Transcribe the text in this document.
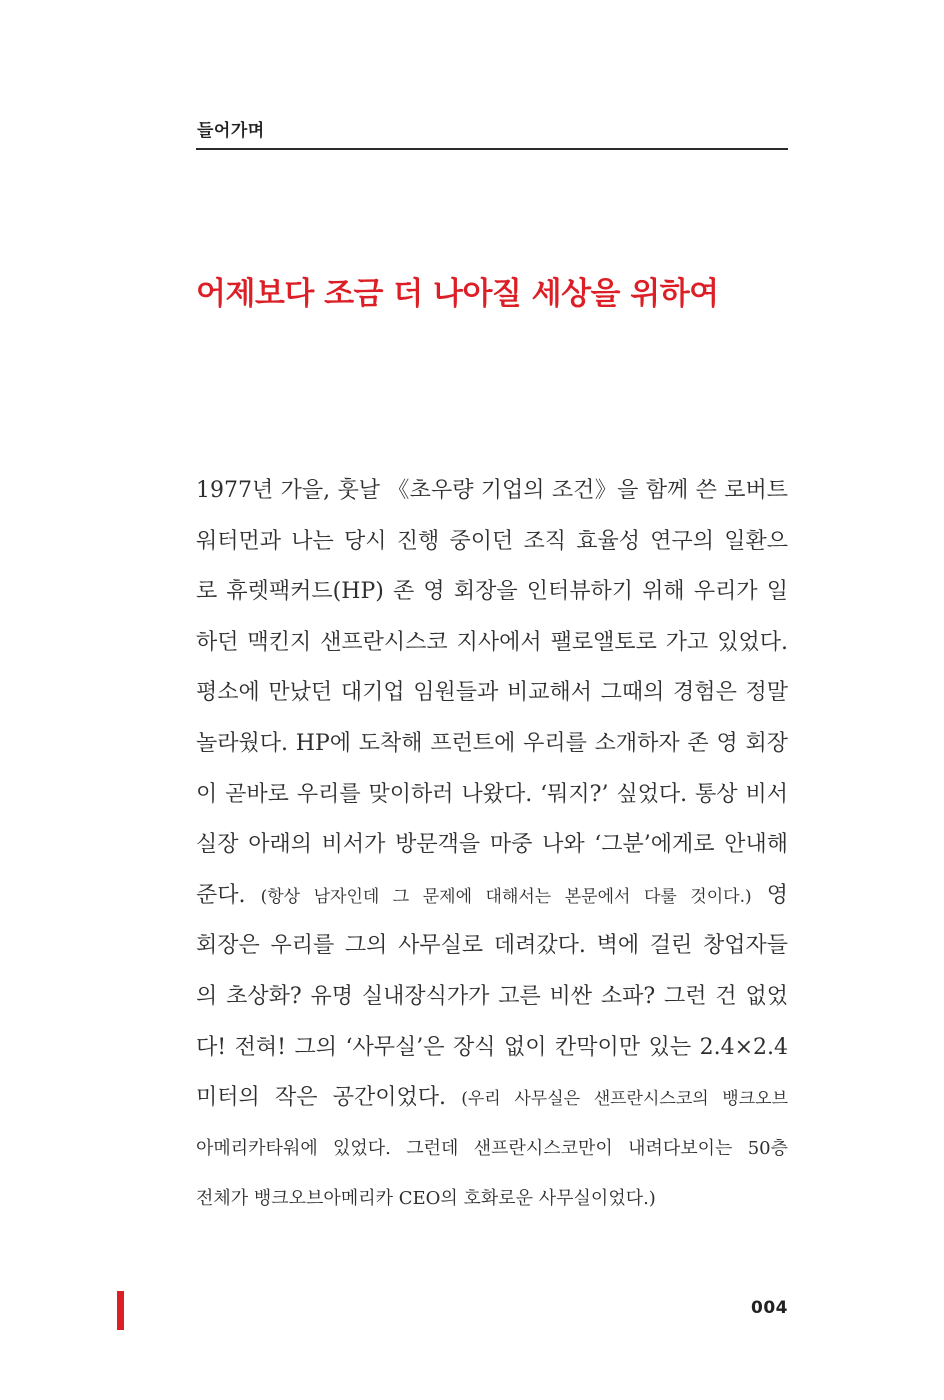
들어가며
어제보다 조금 더 나아질 세상을 위하여
1977년 가을, 훗날 《초우량 기업의 조건》을 함께 쓴 로버트
워터먼과 나는 당시 진행 중이던 조직 효율성 연구의 일환으
로 휴렛팩커드(HP) 존 영 회장을 인터뷰하기 위해 우리가 일
하던 맥킨지 샌프란시스코 지사에서 팰로앨토로 가고 있었다.
평소에 만났던 대기업 임원들과 비교해서 그때의 경험은 정말
놀라웠다. HP에 도착해 프런트에 우리를 소개하자 존 영 회장
이 곧바로 우리를 맞이하러 나왔다. ‘뭐지?’ 싶었다. 통상 비서
실장 아래의 비서가 방문객을 마중 나와 ‘그분’에게로 안내해
준다. (항상 남자인데 그 문제에 대해서는 본문에서 다룰 것이다.) 영
회장은 우리를 그의 사무실로 데려갔다. 벽에 걸린 창업자들
의 초상화? 유명 실내장식가가 고른 비싼 소파? 그런 건 없었
다! 전혀! 그의 ‘사무실’은 장식 없이 칸막이만 있는 2.4×2.4
미터의 작은 공간이었다. (우리 사무실은 샌프란시스코의 뱅크오브
아메리카타워에 있었다. 그런데 샌프란시스코만이 내려다보이는 50층
전체가 뱅크오브아메리카 CEO의 호화로운 사무실이었다.)
004
